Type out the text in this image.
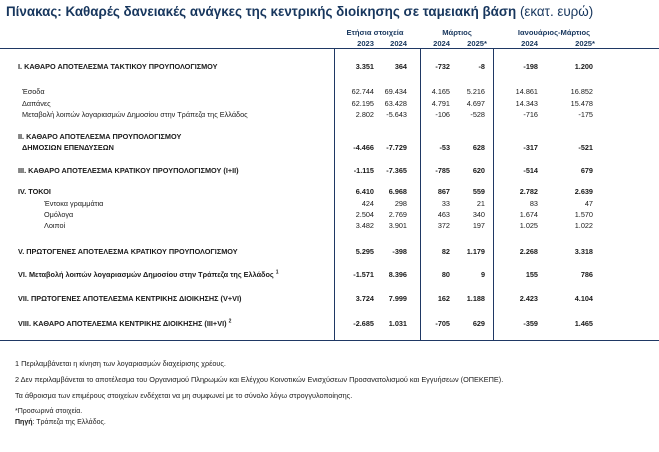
Πίνακας: Καθαρές δανειακές ανάγκες της κεντρικής διοίκησης σε ταμειακή βάση (εκατ. ευρώ)
Ετήσια στοιχεία	Μάρτιος	Ιανουάριος-Μάρτιος
2023 2024	2024 2025*	2024	2025*
I. ΚΑΘΑΡΟ ΑΠΟΤΕΛΕΣΜΑ ΤΑΚΤΙΚΟΥ ΠΡΟΥΠΟΛΟΓΙΣΜΟΥ	3.351	364	-732	-8	-198	1.200
Έσοδα	62.744 69.434	4.165 5.216	14.861	16.852
Δαπάνες	62.195 63.428	4.791 4.697	14.343	15.478
Μεταβολή λοιπών λογαριασμών Δημοσίου στην Τράπεζα της Ελλάδος	2.802 -5.643	-106	-528	-716	-175
II. ΚΑΘΑΡΟ ΑΠΟΤΕΛΕΣΜΑ ΠΡΟΥΠΟΛΟΓΙΣΜΟΥ
ΔΗΜΟΣΙΩΝ ΕΠΕΝΔΥΣΕΩΝ	-4.466 -7.729	-53	628	-317	-521
III. ΚΑΘΑΡΟ ΑΠΟΤΕΛΕΣΜΑ ΚΡΑΤΙΚΟΥ ΠΡΟΥΠΟΛΟΓΙΣΜΟΥ (I+II)	-1.115 -7.365	-785	620	-514	679
IV. ΤΟΚΟΙ	6.410 6.968	867	559	2.782	2.639
Έντοκα γραμμάτια	424	298	33	21	83	47
Ομόλογα	2.504 2.769	463	340	1.674	1.570
Λοιποί	3.482 3.901	372	197	1.025	1.022
V. ΠΡΩΤΟΓΕΝΕΣ ΑΠΟΤΕΛΕΣΜΑ ΚΡΑΤΙΚΟΥ ΠΡΟΥΠΟΛΟΓΙΣΜΟΥ	5.295	-398	82 1.179	2.268	3.318
VI. Μεταβολή λοιπών λογαριασμών Δημοσίου στην Τράπεζα της Ελλάδος $^1$	-1.571 8.396	80	9	155	786
VII. ΠΡΩΤΟΓΕΝΕΣ ΑΠΟΤΕΛΕΣΜΑ ΚΕΝΤΡΙΚΗΣ ΔΙΟΙΚΗΣΗΣ (V+VI)	3.724 7.999	162 1.188	2.423	4.104
VIII. ΚΑΘΑΡΟ ΑΠΟΤΕΛΕΣΜΑ ΚΕΝΤΡΙΚΗΣ ΔΙΟΙΚΗΣΗΣ (III+VI) $^2$	-2.685 1.031	-705	629	-359	1.465
1 Περιλαμβάνεται η κίνηση των λογαριασμών διαχείρισης χρέους.
2 Δεν περιλαμβάνεται το αποτέλεσμα του Οργανισμού Πληρωμών και Ελέγχου Κοινοτικών Ενισχύσεων Προσανατολισμού και Εγγυήσεων (ΟΠΕΚΕΠΕ).
Τα άθροισμα των επιμέρους στοιχείων ενδέχεται να μη συμφωνεί με το σύνολο λόγω στρογγυλοποίησης.
*Προσωρινά στοιχεία.
Πηγή: Τράπεζα της Ελλάδος.
